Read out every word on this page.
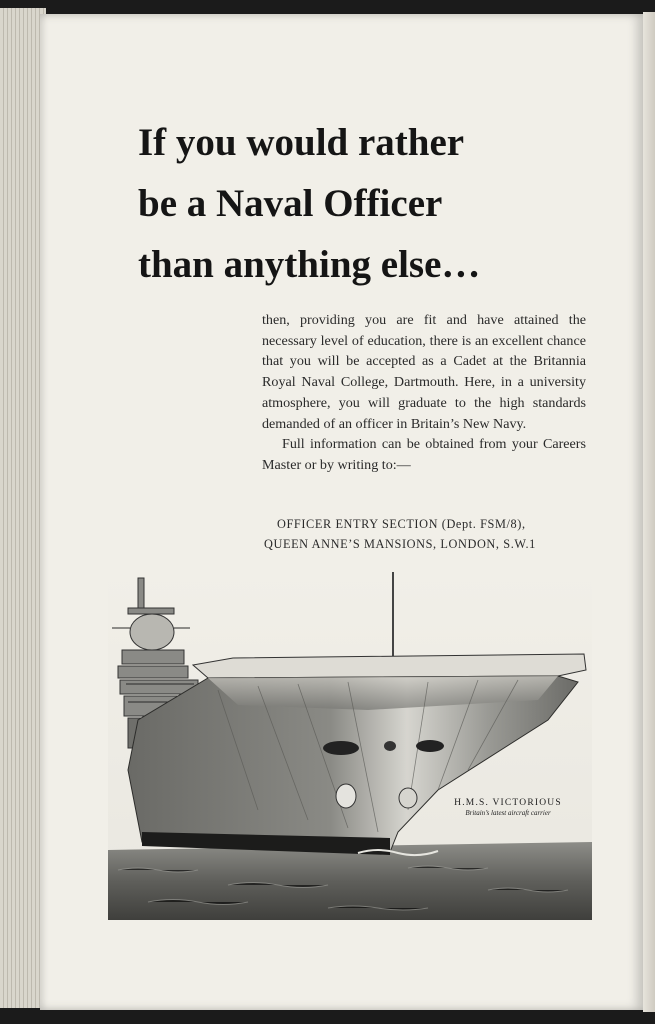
If you would rather
be a Naval Officer
than anything else…

then, providing you are fit and have attained the necessary level of education, there is an excellent chance that you will be accepted as a Cadet at the Britannia Royal Naval College, Dartmouth. Here, in a university atmosphere, you will graduate to the high standards demanded of an officer in Britain’s New Navy.

Full information can be obtained from your Careers Master or by writing to:—

OFFICER ENTRY SECTION (Dept. FSM/8),
QUEEN ANNE’S MANSIONS, LONDON, S.W.1
H.M.S. VICTORIOUS
Britain’s latest aircraft carrier
